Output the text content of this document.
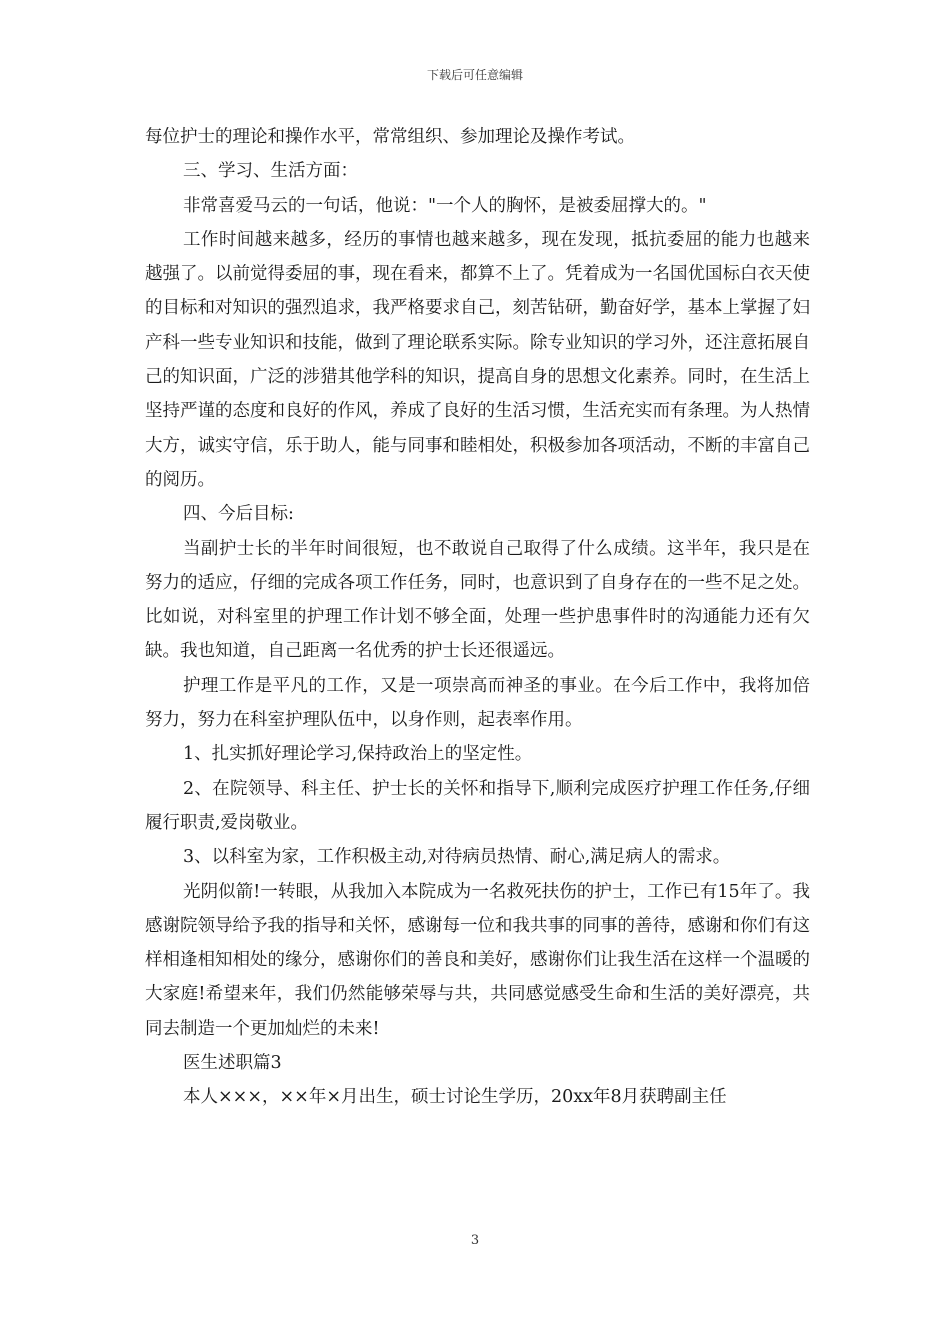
下载后可任意编辑

每位护士的理论和操作水平，常常组织、参加理论及操作考试。

三、学习、生活方面：

非常喜爱马云的一句话，他说："一个人的胸怀，是被委屈撑大的。"

工作时间越来越多，经历的事情也越来越多，现在发现，抵抗委屈的能力也越来越强了。以前觉得委屈的事，现在看来，都算不上了。凭着成为一名国优国标白衣天使的目标和对知识的强烈追求，我严格要求自己，刻苦钻研，勤奋好学，基本上掌握了妇产科一些专业知识和技能，做到了理论联系实际。除专业知识的学习外，还注意拓展自己的知识面，广泛的涉猎其他学科的知识，提高自身的思想文化素养。同时，在生活上坚持严谨的态度和良好的作风，养成了良好的生活习惯，生活充实而有条理。为人热情大方，诚实守信，乐于助人，能与同事和睦相处，积极参加各项活动，不断的丰富自己的阅历。

四、今后目标:

当副护士长的半年时间很短，也不敢说自己取得了什么成绩。这半年，我只是在努力的适应，仔细的完成各项工作任务，同时，也意识到了自身存在的一些不足之处。比如说，对科室里的护理工作计划不够全面，处理一些护患事件时的沟通能力还有欠缺。我也知道，自己距离一名优秀的护士长还很遥远。

护理工作是平凡的工作，又是一项崇高而神圣的事业。在今后工作中，我将加倍努力，努力在科室护理队伍中，以身作则，起表率作用。

1、扎实抓好理论学习,保持政治上的坚定性。

2、在院领导、科主任、护士长的关怀和指导下,顺利完成医疗护理工作任务,仔细履行职责,爱岗敬业。

3、以科室为家，工作积极主动,对待病员热情、耐心,满足病人的需求。

光阴似箭!一转眼，从我加入本院成为一名救死扶伤的护士，工作已有15年了。我感谢院领导给予我的指导和关怀，感谢每一位和我共事的同事的善待，感谢和你们有这样相逢相知相处的缘分，感谢你们的善良和美好，感谢你们让我生活在这样一个温暖的大家庭!希望来年，我们仍然能够荣辱与共，共同感觉感受生命和生活的美好漂亮，共同去制造一个更加灿烂的未来!

医生述职篇3

本人×××，××年×月出生，硕士讨论生学历，20xx年8月获聘副主任

3
